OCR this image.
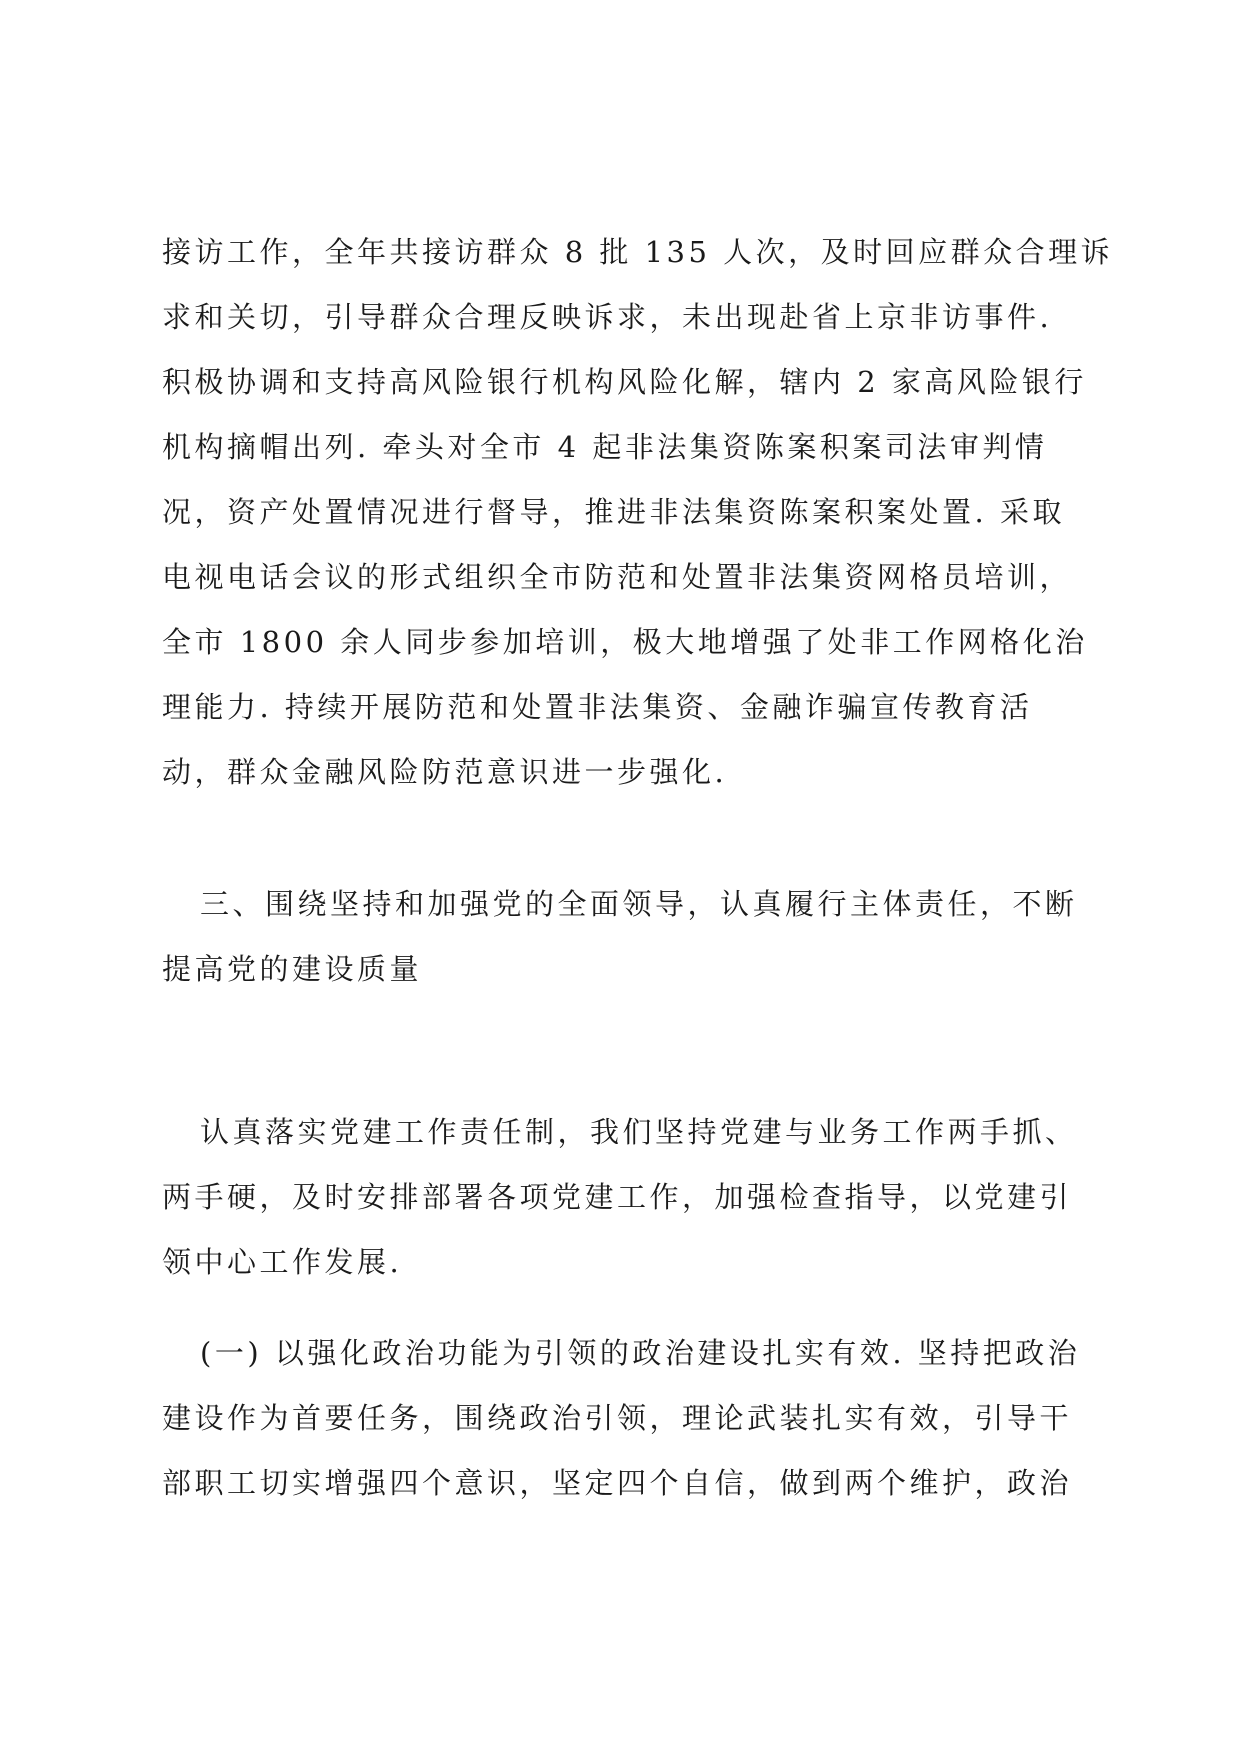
接访工作，全年共接访群众 8 批 135 人次，及时回应群众合理诉
求和关切，引导群众合理反映诉求，未出现赴省上京非访事件.
积极协调和支持高风险银行机构风险化解，辖内 2 家高风险银行
机构摘帽出列. 牵头对全市 4 起非法集资陈案积案司法审判情
况，资产处置情况进行督导，推进非法集资陈案积案处置. 采取
电视电话会议的形式组织全市防范和处置非法集资网格员培训，
全市 1800 余人同步参加培训，极大地增强了处非工作网格化治
理能力. 持续开展防范和处置非法集资、金融诈骗宣传教育活
动，群众金融风险防范意识进一步强化.
三、围绕坚持和加强党的全面领导，认真履行主体责任，不断
提高党的建设质量
认真落实党建工作责任制，我们坚持党建与业务工作两手抓、
两手硬，及时安排部署各项党建工作，加强检查指导，以党建引
领中心工作发展.
(一) 以强化政治功能为引领的政治建设扎实有效. 坚持把政治
建设作为首要任务，围绕政治引领，理论武装扎实有效，引导干
部职工切实增强四个意识，坚定四个自信，做到两个维护，政治
